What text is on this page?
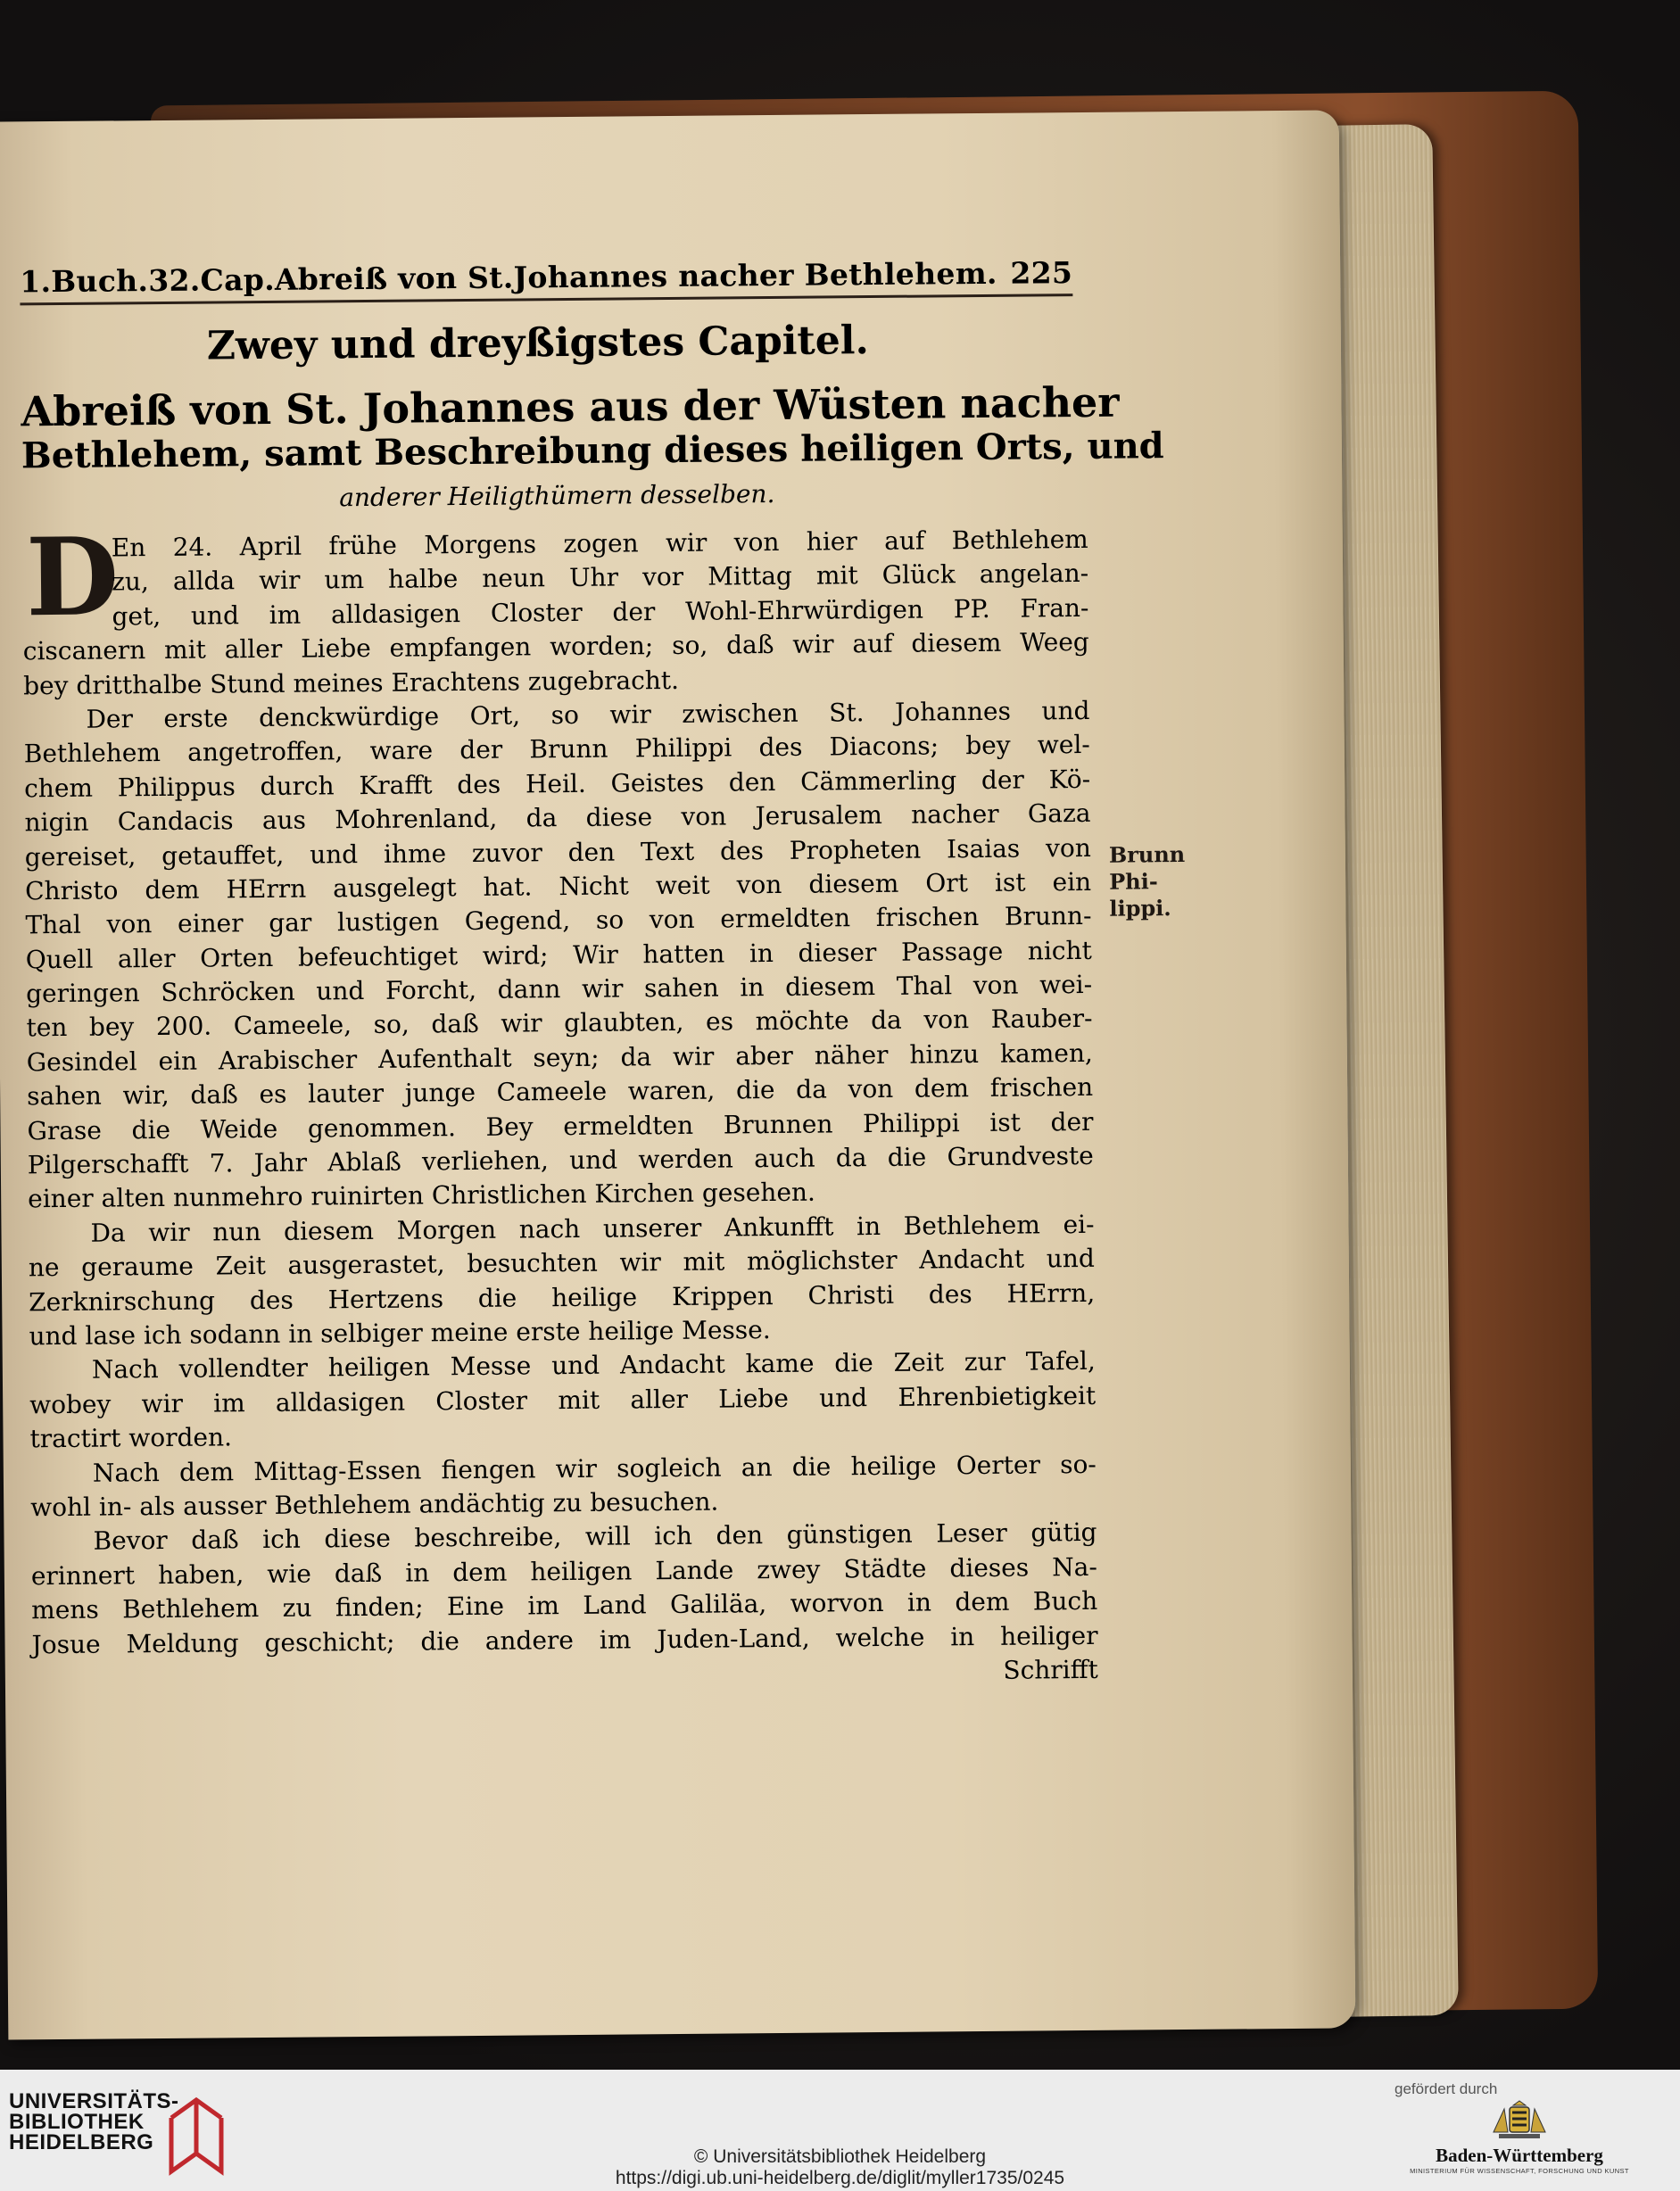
1.Buch.32.Cap.Abreiß von St.Johannes nacher Bethlehem. 225
Zwey und dreyßigstes Capitel.
Abreiß von St. Johannes aus der Wüsten nacher
Bethlehem, samt Beschreibung dieses heiligen Orts, und
anderer Heiligthümern desselben.
D
En 24. April frühe Morgens zogen wir von hier auf Bethlehem
zu, allda wir um halbe neun Uhr vor Mittag mit Glück angelan-
get, und im alldasigen Closter der Wohl-Ehrwürdigen PP. Fran-
ciscanern mit aller Liebe empfangen worden; so, daß wir auf diesem Weeg
bey dritthalbe Stund meines Erachtens zugebracht.
Der erste denckwürdige Ort, so wir zwischen St. Johannes und
Bethlehem angetroffen, ware der Brunn Philippi des Diacons; bey wel-
chem Philippus durch Krafft des Heil. Geistes den Cämmerling der Kö-
nigin Candacis aus Mohrenland, da diese von Jerusalem nacher Gaza
gereiset, getauffet, und ihme zuvor den Text des Propheten Isaias von
Christo dem HErrn ausgelegt hat. Nicht weit von diesem Ort ist ein
Thal von einer gar lustigen Gegend, so von ermeldten frischen Brunn-
Quell aller Orten befeuchtiget wird; Wir hatten in dieser Passage nicht
geringen Schröcken und Forcht, dann wir sahen in diesem Thal von wei-
ten bey 200. Cameele, so, daß wir glaubten, es möchte da von Rauber-
Gesindel ein Arabischer Aufenthalt seyn; da wir aber näher hinzu kamen,
sahen wir, daß es lauter junge Cameele waren, die da von dem frischen
Grase die Weide genommen. Bey ermeldten Brunnen Philippi ist der
Pilgerschafft 7. Jahr Ablaß verliehen, und werden auch da die Grundveste
einer alten nunmehro ruinirten Christlichen Kirchen gesehen.
Da wir nun diesem Morgen nach unserer Ankunfft in Bethlehem ei-
ne geraume Zeit ausgerastet, besuchten wir mit möglichster Andacht und
Zerknirschung des Hertzens die heilige Krippen Christi des HErrn,
und lase ich sodann in selbiger meine erste heilige Messe.
Nach vollendter heiligen Messe und Andacht kame die Zeit zur Tafel,
wobey wir im alldasigen Closter mit aller Liebe und Ehrenbietigkeit
tractirt worden.
Nach dem Mittag-Essen fiengen wir sogleich an die heilige Oerter so-
wohl in- als ausser Bethlehem andächtig zu besuchen.
Bevor daß ich diese beschreibe, will ich den günstigen Leser gütig
erinnert haben, wie daß in dem heiligen Lande zwey Städte dieses Na-
mens Bethlehem zu finden; Eine im Land Galiläa, worvon in dem Buch
Josue Meldung geschicht; die andere im Juden-Land, welche in heiliger
Schrifft
Brunn Phi-
lippi.
UNIVERSITÄTS-
BIBLIOTHEK
HEIDELBERG
© Universitätsbibliothek Heidelberg
https://digi.ub.uni-heidelberg.de/diglit/myller1735/0245
gefördert durch
Baden-Württemberg
MINISTERIUM FÜR WISSENSCHAFT, FORSCHUNG UND KUNST
